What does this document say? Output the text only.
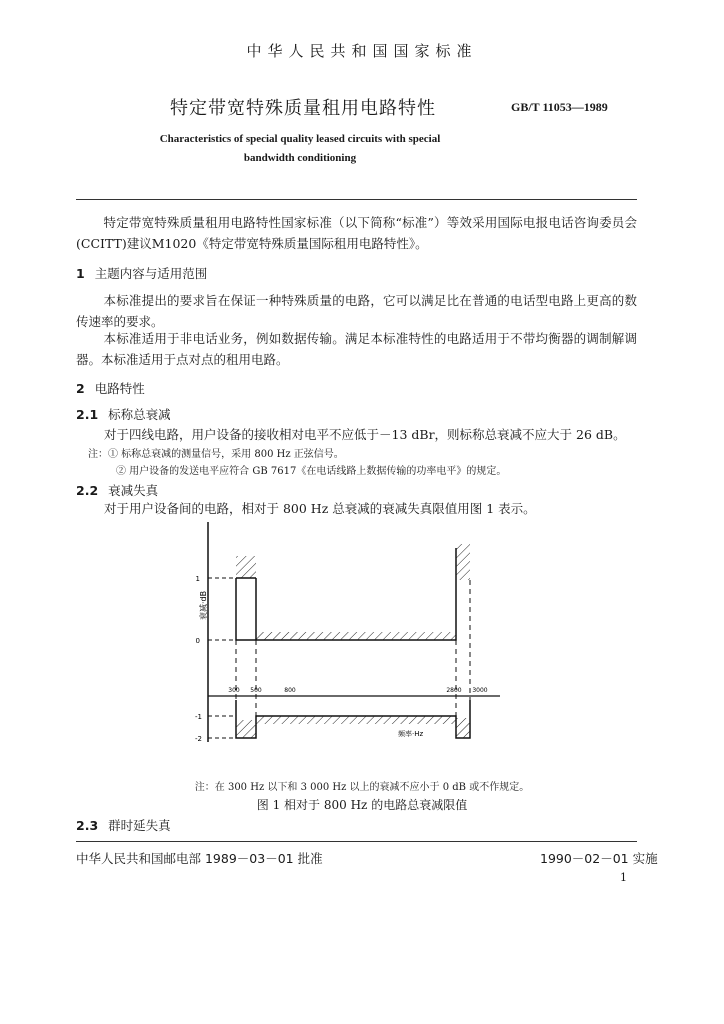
中华人民共和国国家标准
特定带宽特殊质量租用电路特性	GB/T 11053—1989
Characteristics of special quality leased circuits with special
bandwidth conditioning
特定带宽特殊质量租用电路特性国家标准（以下简称“标准”）等效采用国际电报电话咨询委员会(CCITT)建议M1020《特定带宽特殊质量国际租用电路特性》。
1 主题内容与适用范围
本标准提出的要求旨在保证一种特殊质量的电路，它可以满足比在普通的电话型电路上更高的数传速率的要求。
本标准适用于非电话业务，例如数据传输。满足本标准特性的电路适用于不带均衡器的调制解调器。本标准适用于点对点的租用电路。
2 电路特性
2.1 标称总衰减
对于四线电路，用户设备的接收相对电平不应低于－13 dBr，则标称总衰减不应大于 26 dB。
注：① 标称总衰减的测量信号，采用 800 Hz 正弦信号。
② 用户设备的发送电平应符合 GB 7617《在电话线路上数据传输的功率电平》的规定。
2.2 衰减失真
对于用户设备间的电路，相对于 800 Hz 总衰减的衰减失真限值用图 1 表示。
衰减·dB
1
0
-1
-2
300 500	800	2800 3000
频率·Hz
注：在 300 Hz 以下和 3 000 Hz 以上的衰减不应小于 0 dB 或不作规定。
图 1 相对于 800 Hz 的电路总衰减限值
2.3 群时延失真
中华人民共和国邮电部 1989－03－01 批准	1990－02－01 实施
1
